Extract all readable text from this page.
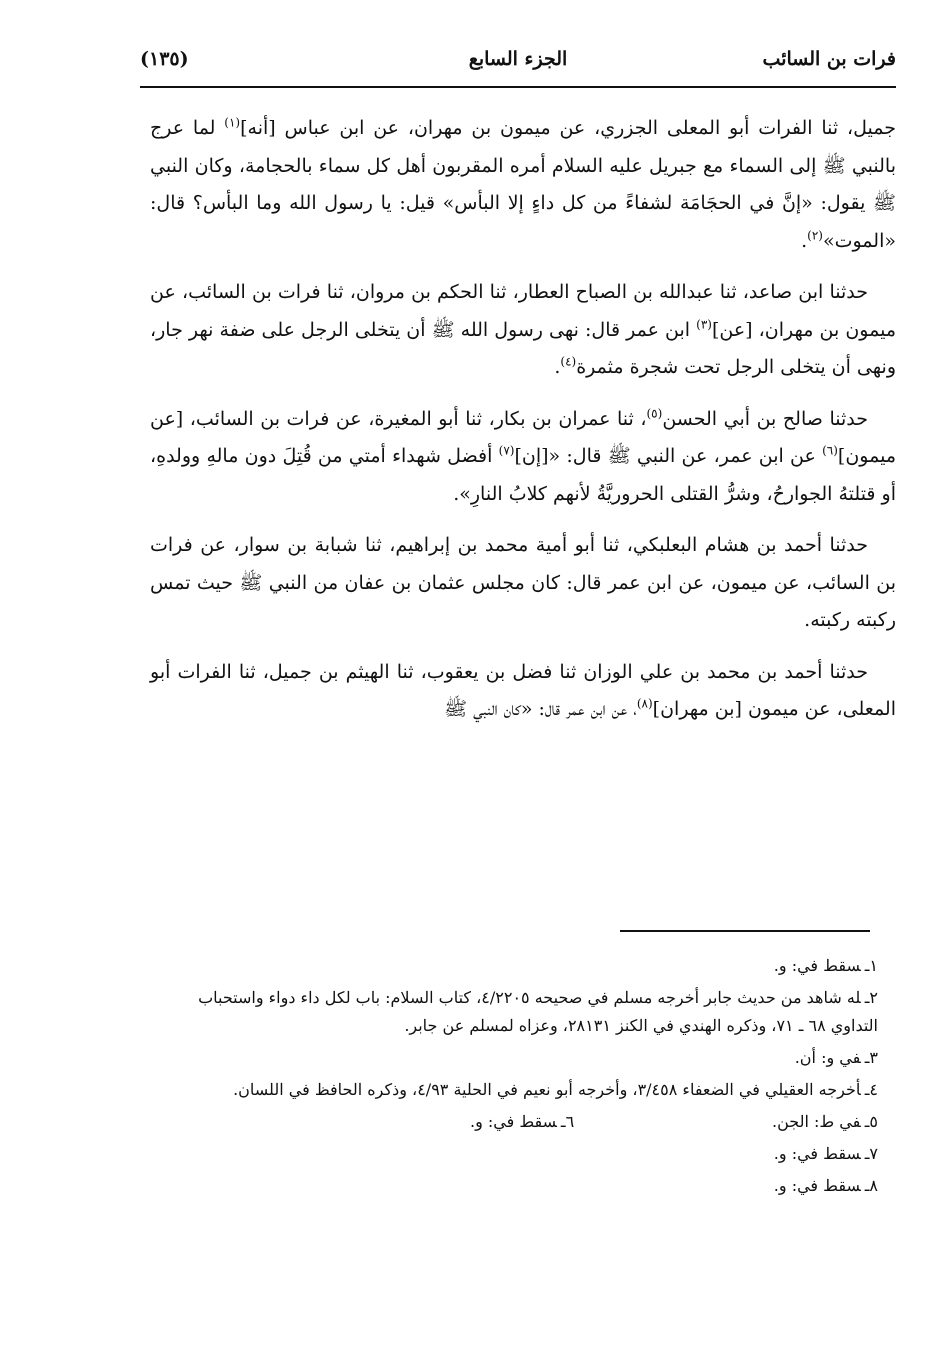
فرات بن السائب
الجزء السابع
(١٣٥)

جميل، ثنا الفرات أبو المعلى الجزري، عن ميمون بن مهران، عن ابن عباس [أنه]$^{(١)}$ لما عرج بالنبي ﷺ إلى السماء مع جبريل عليه السلام أمره المقربون أهل كل سماء بالحجامة، وكان النبي ﷺ يقول: «إنَّ في الحجَامَة لشفاءً من كل داءٍ إلا البأس» قيل: يا رسول الله وما البأس؟ قال: «الموت»$^{(٢)}$.

حدثنا ابن صاعد، ثنا عبدالله بن الصباح العطار، ثنا الحكم بن مروان، ثنا فرات بن السائب، عن ميمون بن مهران، [عن]$^{(٣)}$ ابن عمر قال: نهى رسول الله ﷺ أن يتخلى الرجل على ضفة نهر جار، ونهى أن يتخلى الرجل تحت شجرة مثمرة$^{(٤)}$.

حدثنا صالح بن أبي الحسن$^{(٥)}$، ثنا عمران بن بكار، ثنا أبو المغيرة، عن فرات بن السائب، [عن ميمون]$^{(٦)}$ عن ابن عمر، عن النبي ﷺ قال: «[إن]$^{(٧)}$ أفضل شهداء أمتي من قُتِلَ دون مالهِ وولدهِ، أو قتلتهُ الجوارحُ، وشرُّ القتلى الحروريَّةُ لأنهم كلابُ النارِ».

حدثنا أحمد بن هشام البعلبكي، ثنا أبو أمية محمد بن إبراهيم، ثنا شبابة بن سوار، عن فرات بن السائب، عن ميمون، عن ابن عمر قال: كان مجلس عثمان بن عفان من النبي ﷺ حيث تمس ركبته ركبته.

حدثنا أحمد بن محمد بن علي الوزان ثنا فضل بن يعقوب، ثنا الهيثم بن جميل، ثنا الفرات أبو المعلى، عن ميمون [بن مهران]$^{(٨)}$، عن ابن عمر قال: «كان النبي ﷺ

١ـسقط في: و.
٢ـله شاهد من حديث جابر أخرجه مسلم في صحيحه ٤/٢٢٠٥، كتاب السلام: باب لكل داء دواء واستحباب التداوي ٦٨ ـ ٧١، وذكره الهندي في الكنز ٢٨١٣١، وعزاه لمسلم عن جابر.
٣ـفي و: أن.
٤ـأخرجه العقيلي في الضعفاء ٣/٤٥٨، وأخرجه أبو نعيم في الحلية ٤/٩٣، وذكره الحافظ في اللسان.
٥ـفي ط: الجن.
٦ـسقط في: و.
٧ـسقط في: و.
٨ـسقط في: و.
